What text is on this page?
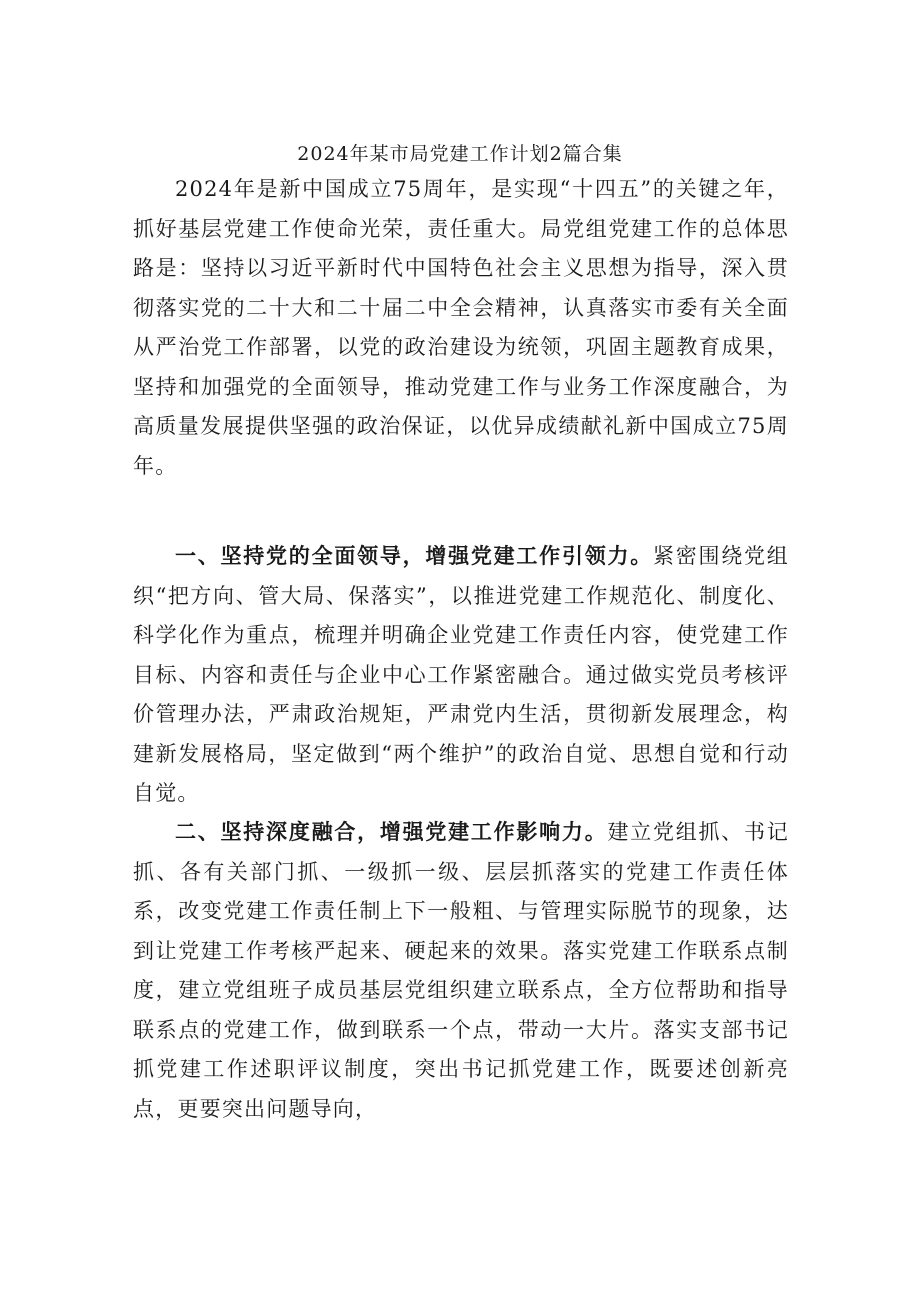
2024年某市局党建工作计划2篇合集

2024年是新中国成立75周年，是实现“十四五”的关键之年，抓好基层党建工作使命光荣，责任重大。局党组党建工作的总体思路是：坚持以习近平新时代中国特色社会主义思想为指导，深入贯彻落实党的二十大和二十届二中全会精神，认真落实市委有关全面从严治党工作部署，以党的政治建设为统领，巩固主题教育成果，坚持和加强党的全面领导，推动党建工作与业务工作深度融合，为高质量发展提供坚强的政治保证，以优异成绩献礼新中国成立75周年。

一、坚持党的全面领导，增强党建工作引领力。紧密围绕党组织“把方向、管大局、保落实”，以推进党建工作规范化、制度化、科学化作为重点，梳理并明确企业党建工作责任内容，使党建工作目标、内容和责任与企业中心工作紧密融合。通过做实党员考核评价管理办法，严肃政治规矩，严肃党内生活，贯彻新发展理念，构建新发展格局，坚定做到“两个维护”的政治自觉、思想自觉和行动自觉。

二、坚持深度融合，增强党建工作影响力。建立党组抓、书记抓、各有关部门抓、一级抓一级、层层抓落实的党建工作责任体系，改变党建工作责任制上下一般粗、与管理实际脱节的现象，达到让党建工作考核严起来、硬起来的效果。落实党建工作联系点制度，建立党组班子成员基层党组织建立联系点，全方位帮助和指导联系点的党建工作，做到联系一个点，带动一大片。落实支部书记抓党建工作述职评议制度，突出书记抓党建工作，既要述创新亮点，更要突出问题导向，
